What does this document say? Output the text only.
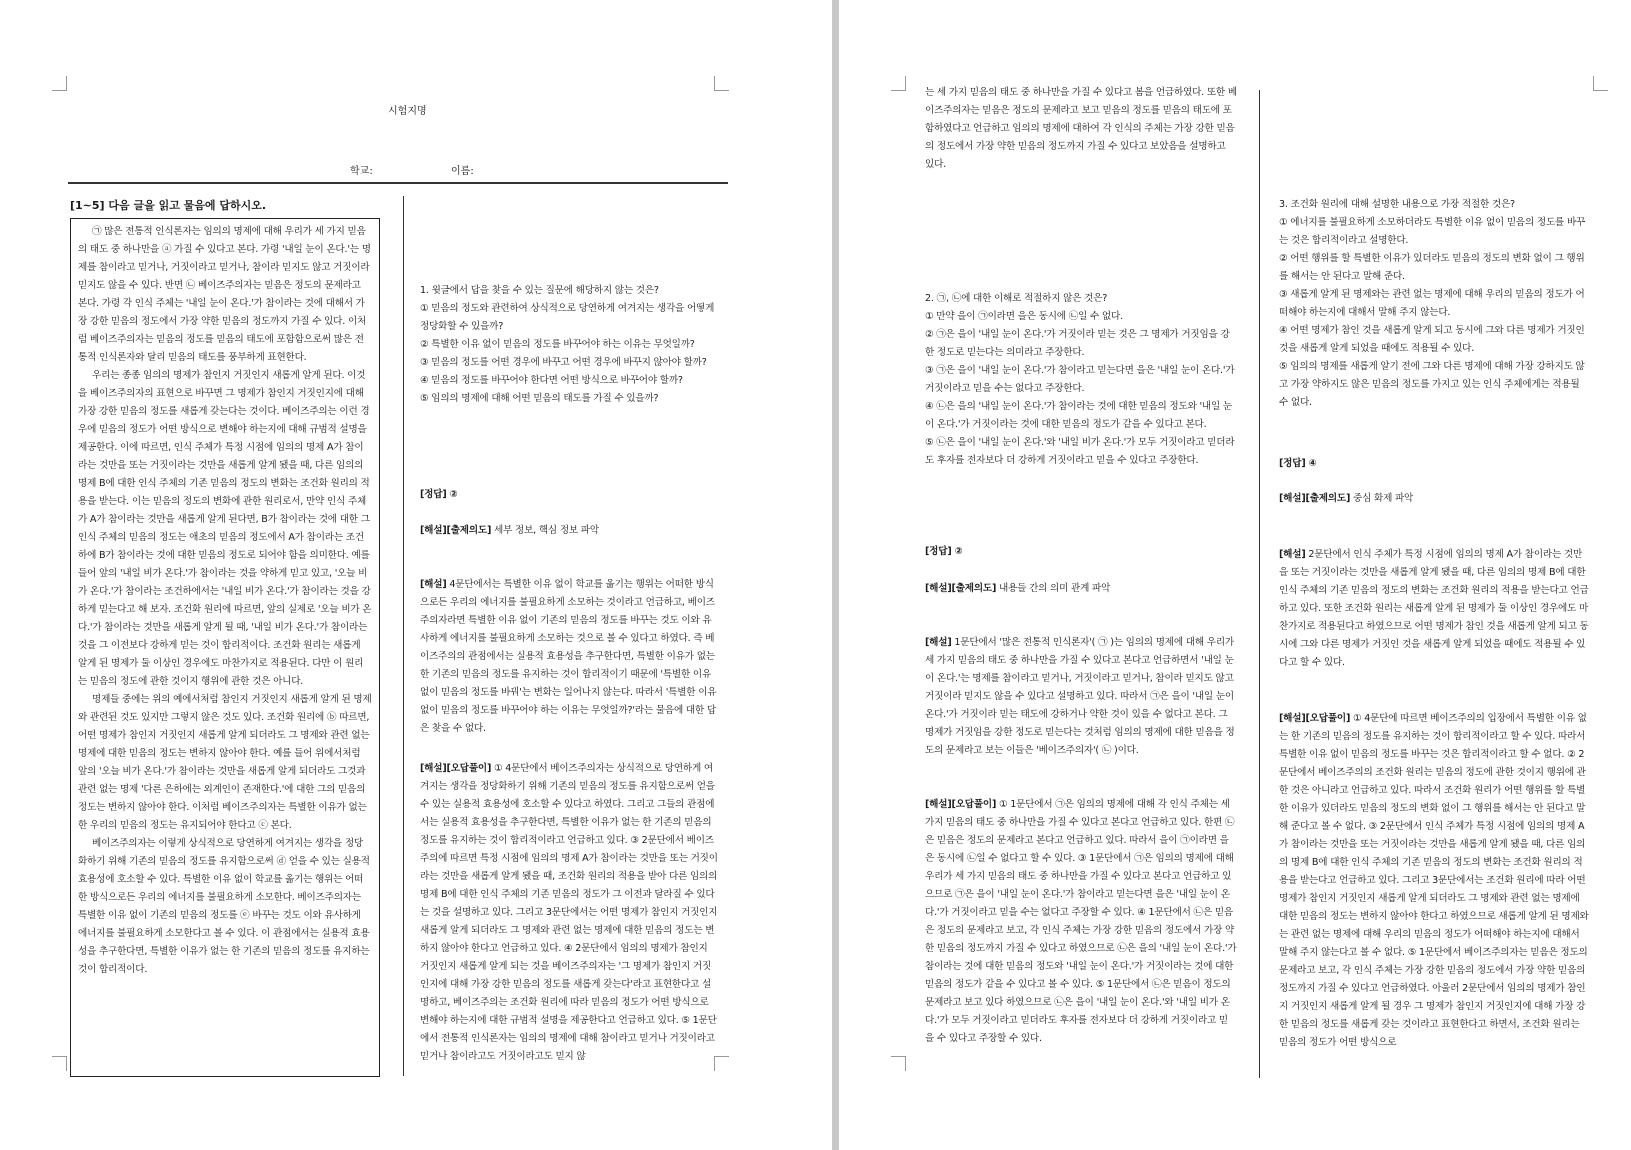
시험지명
학교:	이름:
[1~5] 다음 글을 읽고 물음에 답하시오.

㉠ 많은 전통적 인식론자는 임의의 명제에 대해 우리가 세 가지 믿음의 태도 중 하나만을 ⓐ 가질 수 있다고 본다. 가령 '내일 눈이 온다.'는 명제를 참이라고 믿거나, 거짓이라고 믿거나, 참이라 믿지도 않고 거짓이라 믿지도 않을 수 있다. 반면 ㉡ 베이즈주의자는 믿음은 정도의 문제라고 본다. 가령 각 인식 주체는 '내일 눈이 온다.'가 참이라는 것에 대해서 가장 강한 믿음의 정도에서 가장 약한 믿음의 정도까지 가질 수 있다. 이처럼 베이즈주의자는 믿음의 정도를 믿음의 태도에 포함함으로써 많은 전통적 인식론자와 달리 믿음의 태도를 풍부하게 표현한다.

우리는 종종 임의의 명제가 참인지 거짓인지 새롭게 알게 된다. 이것을 베이즈주의자의 표현으로 바꾸면 그 명제가 참인지 거짓인지에 대해 가장 강한 믿음의 정도를 새롭게 갖는다는 것이다. 베이즈주의는 이런 경우에 믿음의 정도가 어떤 방식으로 변해야 하는지에 대해 규범적 설명을 제공한다. 이에 따르면, 인식 주체가 특정 시점에 임의의 명제 A가 참이라는 것만을 또는 거짓이라는 것만을 새롭게 알게 됐을 때, 다른 임의의 명제 B에 대한 인식 주체의 기존 믿음의 정도의 변화는 조건화 원리의 적용을 받는다. 이는 믿음의 정도의 변화에 관한 원리로서, 만약 인식 주체가 A가 참이라는 것만을 새롭게 알게 된다면, B가 참이라는 것에 대한 그 인식 주체의 믿음의 정도는 애초의 믿음의 정도에서 A가 참이라는 조건하에 B가 참이라는 것에 대한 믿음의 정도로 되어야 함을 의미한다. 예를 들어 앞의 '내일 비가 온다.'가 참이라는 것을 약하게 믿고 있고, '오늘 비가 온다.'가 참이라는 조건하에서는 '내일 비가 온다.'가 참이라는 것을 강하게 믿는다고 해 보자. 조건화 원리에 따르면, 앞의 실제로 '오늘 비가 온다.'가 참이라는 것만을 새롭게 알게 될 때, '내일 비가 온다.'가 참이라는 것을 그 이전보다 강하게 믿는 것이 합리적이다. 조건화 원리는 새롭게 알게 된 명제가 둘 이상인 경우에도 마찬가지로 적용된다. 다만 이 원리는 믿음의 정도에 관한 것이지 행위에 관한 것은 아니다.

명제들 중에는 위의 예에서처럼 참인지 거짓인지 새롭게 알게 된 명제와 관련된 것도 있지만 그렇지 않은 것도 있다. 조건화 원리에 ⓑ 따르면, 어떤 명제가 참인지 거짓인지 새롭게 알게 되더라도 그 명제와 관련 없는 명제에 대한 믿음의 정도는 변하지 않아야 한다. 예를 들어 위에서처럼 앞의 '오늘 비가 온다.'가 참이라는 것만을 새롭게 알게 되더라도 그것과 관련 없는 명제 '다른 은하에는 외계인이 존재한다.'에 대한 그의 믿음의 정도는 변하지 않아야 한다. 이처럼 베이즈주의자는 특별한 이유가 없는 한 우리의 믿음의 정도는 유지되어야 한다고 ⓒ 본다.

베이즈주의자는 이렇게 상식적으로 당연하게 여겨지는 생각을 정당화하기 위해 기존의 믿음의 정도를 유지함으로써 ⓓ 얻을 수 있는 실용적 효용성에 호소할 수 있다. 특별한 이유 없이 학교를 옮기는 행위는 어떠한 방식으로든 우리의 에너지를 불필요하게 소모한다. 베이즈주의자는 특별한 이유 없이 기존의 믿음의 정도를 ⓔ 바꾸는 것도 이와 유사하게 에너지를 불필요하게 소모한다고 볼 수 있다. 이 관점에서는 실용적 효용성을 추구한다면, 특별한 이유가 없는 한 기존의 믿음의 정도를 유지하는 것이 합리적이다.

1. 윗글에서 답을 찾을 수 있는 질문에 해당하지 않는 것은?

① 믿음의 정도와 관련하여 상식적으로 당연하게 여겨지는 생각을 어떻게 정당화할 수 있을까?

② 특별한 이유 없이 믿음의 정도를 바꾸어야 하는 이유는 무엇일까?

③ 믿음의 정도를 어떤 경우에 바꾸고 어떤 경우에 바꾸지 않아야 할까?

④ 믿음의 정도를 바꾸어야 한다면 어떤 방식으로 바꾸어야 할까?

⑤ 임의의 명제에 대해 어떤 믿음의 태도를 가질 수 있을까?

[정답] ②

[해설][출제의도] 세부 정보, 핵심 정보 파악

[해설] 4문단에서는 특별한 이유 없이 학교를 옮기는 행위는 어떠한 방식으로든 우리의 에너지를 불필요하게 소모하는 것이라고 언급하고, 베이즈주의자라면 특별한 이유 없이 기존의 믿음의 정도를 바꾸는 것도 이와 유사하게 에너지를 불필요하게 소모하는 것으로 볼 수 있다고 하였다. 즉 베이즈주의의 관점에서는 실용적 효용성을 추구한다면, 특별한 이유가 없는 한 기존의 믿음의 정도를 유지하는 것이 합리적이기 때문에 '특별한 이유 없이 믿음의 정도를 바꿔'는 변화는 일어나지 않는다. 따라서 '특별한 이유 없이 믿음의 정도를 바꾸어야 하는 이유는 무엇일까?'라는 물음에 대한 답은 찾을 수 없다.

[해설][오답풀이] ① 4문단에서 베이즈주의자는 상식적으로 당연하게 여겨지는 생각을 정당화하기 위해 기존의 믿음의 정도를 유지함으로써 얻을 수 있는 실용적 효용성에 호소할 수 있다고 하였다. 그리고 그들의 관점에서는 실용적 효용성을 추구한다면, 특별한 이유가 없는 한 기존의 믿음의 정도를 유지하는 것이 합리적이라고 언급하고 있다. ③ 2문단에서 베이즈주의에 따르면 특정 시점에 임의의 명제 A가 참이라는 것만을 또는 거짓이라는 것만을 새롭게 알게 됐을 때, 조건화 원리의 적용을 받아 다른 임의의 명제 B에 대한 인식 주체의 기존 믿음의 정도가 그 이전과 달라질 수 있다는 것을 설명하고 있다. 그리고 3문단에서는 어떤 명제가 참인지 거짓인지 새롭게 알게 되더라도 그 명제와 관련 없는 명제에 대한 믿음의 정도는 변하지 않아야 한다고 언급하고 있다. ④ 2문단에서 임의의 명제가 참인지 거짓인지 새롭게 알게 되는 것을 베이즈주의자는 '그 명제가 참인지 거짓인지에 대해 가장 강한 믿음의 정도를 새롭게 갖는다'라고 표현한다고 설명하고, 베이즈주의는 조건화 원리에 따라 믿음의 정도가 어떤 방식으로 변해야 하는지에 대한 규범적 설명을 제공한다고 언급하고 있다. ⑤ 1문단에서 전통적 인식론자는 임의의 명제에 대해 참이라고 믿거나 거짓이라고 믿거나 참이라고도 거짓이라고도 믿지 않

는 세 가지 믿음의 태도 중 하나만을 가질 수 있다고 봄을 언급하였다. 또한 베이즈주의자는 믿음은 정도의 문제라고 보고 믿음의 정도를 믿음의 태도에 포함하였다고 언급하고 임의의 명제에 대하여 각 인식의 주체는 가장 강한 믿음의 정도에서 가장 약한 믿음의 정도까지 가질 수 있다고 보았음을 설명하고 있다.

2. ㉠, ㉡에 대한 이해로 적절하지 않은 것은?

① 만약 을이 ㉠이라면 을은 동시에 ㉡일 수 없다.

② ㉠은 을이 '내일 눈이 온다.'가 거짓이라 믿는 것은 그 명제가 거짓임을 강한 정도로 믿는다는 의미라고 주장한다.

③ ㉠은 을이 '내일 눈이 온다.'가 참이라고 믿는다면 을은 '내일 눈이 온다.'가 거짓이라고 믿을 수는 없다고 주장한다.

④ ㉡은 을의 '내일 눈이 온다.'가 참이라는 것에 대한 믿음의 정도와 '내일 눈이 온다.'가 거짓이라는 것에 대한 믿음의 정도가 같을 수 있다고 본다.

⑤ ㉡은 을이 '내일 눈이 온다.'와 '내일 비가 온다.'가 모두 거짓이라고 믿더라도 후자를 전자보다 더 강하게 거짓이라고 믿을 수 있다고 주장한다.

[정답] ②

[해설][출제의도] 내용들 간의 의미 관계 파악

[해설] 1문단에서 '많은 전통적 인식론자'( ㉠ )는 임의의 명제에 대해 우리가 세 가지 믿음의 태도 중 하나만을 가질 수 있다고 본다고 언급하면서 '내일 눈이 온다.'는 명제를 참이라고 믿거나, 거짓이라고 믿거나, 참이라 믿지도 않고 거짓이라 믿지도 않을 수 있다고 설명하고 있다. 따라서 ㉠은 을이 '내일 눈이 온다.'가 거짓이라 믿는 태도에 강하거나 약한 것이 있을 수 없다고 본다. 그 명제가 거짓임을 강한 정도로 믿는다는 것처럼 임의의 명제에 대한 믿음을 정도의 문제라고 보는 이들은 '베이즈주의자'( ㉡ )이다.

[해설][오답풀이] ① 1문단에서 ㉠은 임의의 명제에 대해 각 인식 주체는 세 가지 믿음의 태도 중 하나만을 가질 수 있다고 본다고 언급하고 있다. 한편 ㉡은 믿음은 정도의 문제라고 본다고 언급하고 있다. 따라서 을이 ㉠이라면 을은 동시에 ㉡일 수 없다고 할 수 있다. ③ 1문단에서 ㉠은 임의의 명제에 대해 우리가 세 가지 믿음의 태도 중 하나만을 가질 수 있다고 본다고 언급하고 있으므로 ㉠은 을이 '내일 눈이 온다.'가 참이라고 믿는다면 을은 '내일 눈이 온다.'가 거짓이라고 믿을 수는 없다고 주장할 수 있다. ④ 1문단에서 ㉡은 믿음은 정도의 문제라고 보고, 각 인식 주체는 가장 강한 믿음의 정도에서 가장 약한 믿음의 정도까지 가질 수 있다고 하였으므로 ㉡은 을의 '내일 눈이 온다.'가 참이라는 것에 대한 믿음의 정도와 '내일 눈이 온다.'가 거짓이라는 것에 대한 믿음의 정도가 같을 수 있다고 볼 수 있다. ⑤ 1문단에서 ㉡은 믿음이 정도의 문제라고 보고 있다 하였으므로 ㉡은 을이 '내일 눈이 온다.'와 '내일 비가 온다.'가 모두 거짓이라고 믿더라도 후자를 전자보다 더 강하게 거짓이라고 믿을 수 있다고 주장할 수 있다.

3. 조건화 원리에 대해 설명한 내용으로 가장 적절한 것은?

① 에너지를 불필요하게 소모하더라도 특별한 이유 없이 믿음의 정도를 바꾸는 것은 합리적이라고 설명한다.

② 어떤 행위를 할 특별한 이유가 있더라도 믿음의 정도의 변화 없이 그 행위를 해서는 안 된다고 말해 준다.

③ 새롭게 알게 된 명제와는 관련 없는 명제에 대해 우리의 믿음의 정도가 어떠해야 하는지에 대해서 말해 주지 않는다.

④ 어떤 명제가 참인 것을 새롭게 알게 되고 동시에 그와 다른 명제가 거짓인 것을 새롭게 알게 되었을 때에도 적용될 수 있다.

⑤ 임의의 명제를 새롭게 알기 전에 그와 다른 명제에 대해 가장 강하지도 않고 가장 약하지도 않은 믿음의 정도를 가지고 있는 인식 주체에게는 적용될 수 없다.

[정답] ④

[해설][출제의도] 중심 화제 파악

[해설] 2문단에서 인식 주체가 특정 시점에 임의의 명제 A가 참이라는 것만을 또는 거짓이라는 것만을 새롭게 알게 됐을 때, 다른 임의의 명제 B에 대한 인식 주체의 기존 믿음의 정도의 변화는 조건화 원리의 적용을 받는다고 언급하고 있다. 또한 조건화 원리는 새롭게 알게 된 명제가 둘 이상인 경우에도 마찬가지로 적용된다고 하였으므로 어떤 명제가 참인 것을 새롭게 알게 되고 동시에 그와 다른 명제가 거짓인 것을 새롭게 알게 되었을 때에도 적용될 수 있다고 할 수 있다.

[해설][오답풀이] ① 4문단에 따르면 베이즈주의의 입장에서 특별한 이유 없는 한 기존의 믿음의 정도를 유지하는 것이 합리적이라고 할 수 있다. 따라서 특별한 이유 없이 믿음의 정도를 바꾸는 것은 합리적이라고 할 수 없다. ② 2문단에서 베이즈주의의 조건화 원리는 믿음의 정도에 관한 것이지 행위에 관한 것은 아니라고 언급하고 있다. 따라서 조건화 원리가 어떤 행위를 할 특별한 이유가 있더라도 믿음의 정도의 변화 없이 그 행위를 해서는 안 된다고 말해 준다고 볼 수 없다. ③ 2문단에서 인식 주체가 특정 시점에 임의의 명제 A가 참이라는 것만을 또는 거짓이라는 것만을 새롭게 알게 됐을 때, 다른 임의의 명제 B에 대한 인식 주체의 기존 믿음의 정도의 변화는 조건화 원리의 적용을 받는다고 언급하고 있다. 그리고 3문단에서는 조건화 원리에 따라 어떤 명제가 참인지 거짓인지 새롭게 알게 되더라도 그 명제와 관련 없는 명제에 대한 믿음의 정도는 변하지 않아야 한다고 하였으므로 새롭게 알게 된 명제와는 관련 없는 명제에 대해 우리의 믿음의 정도가 어떠해야 하는지에 대해서 말해 주지 않는다고 볼 수 없다. ⑤ 1문단에서 베이즈주의자는 믿음은 정도의 문제라고 보고, 각 인식 주체는 가장 강한 믿음의 정도에서 가장 약한 믿음의 정도까지 가질 수 있다고 언급하였다. 아울러 2문단에서 임의의 명제가 참인지 거짓인지 새롭게 알게 될 경우 그 명제가 참인지 거짓인지에 대해 가장 강한 믿음의 정도를 새롭게 갖는 것이라고 표현한다고 하면서, 조건화 원리는 믿음의 정도가 어떤 방식으로
